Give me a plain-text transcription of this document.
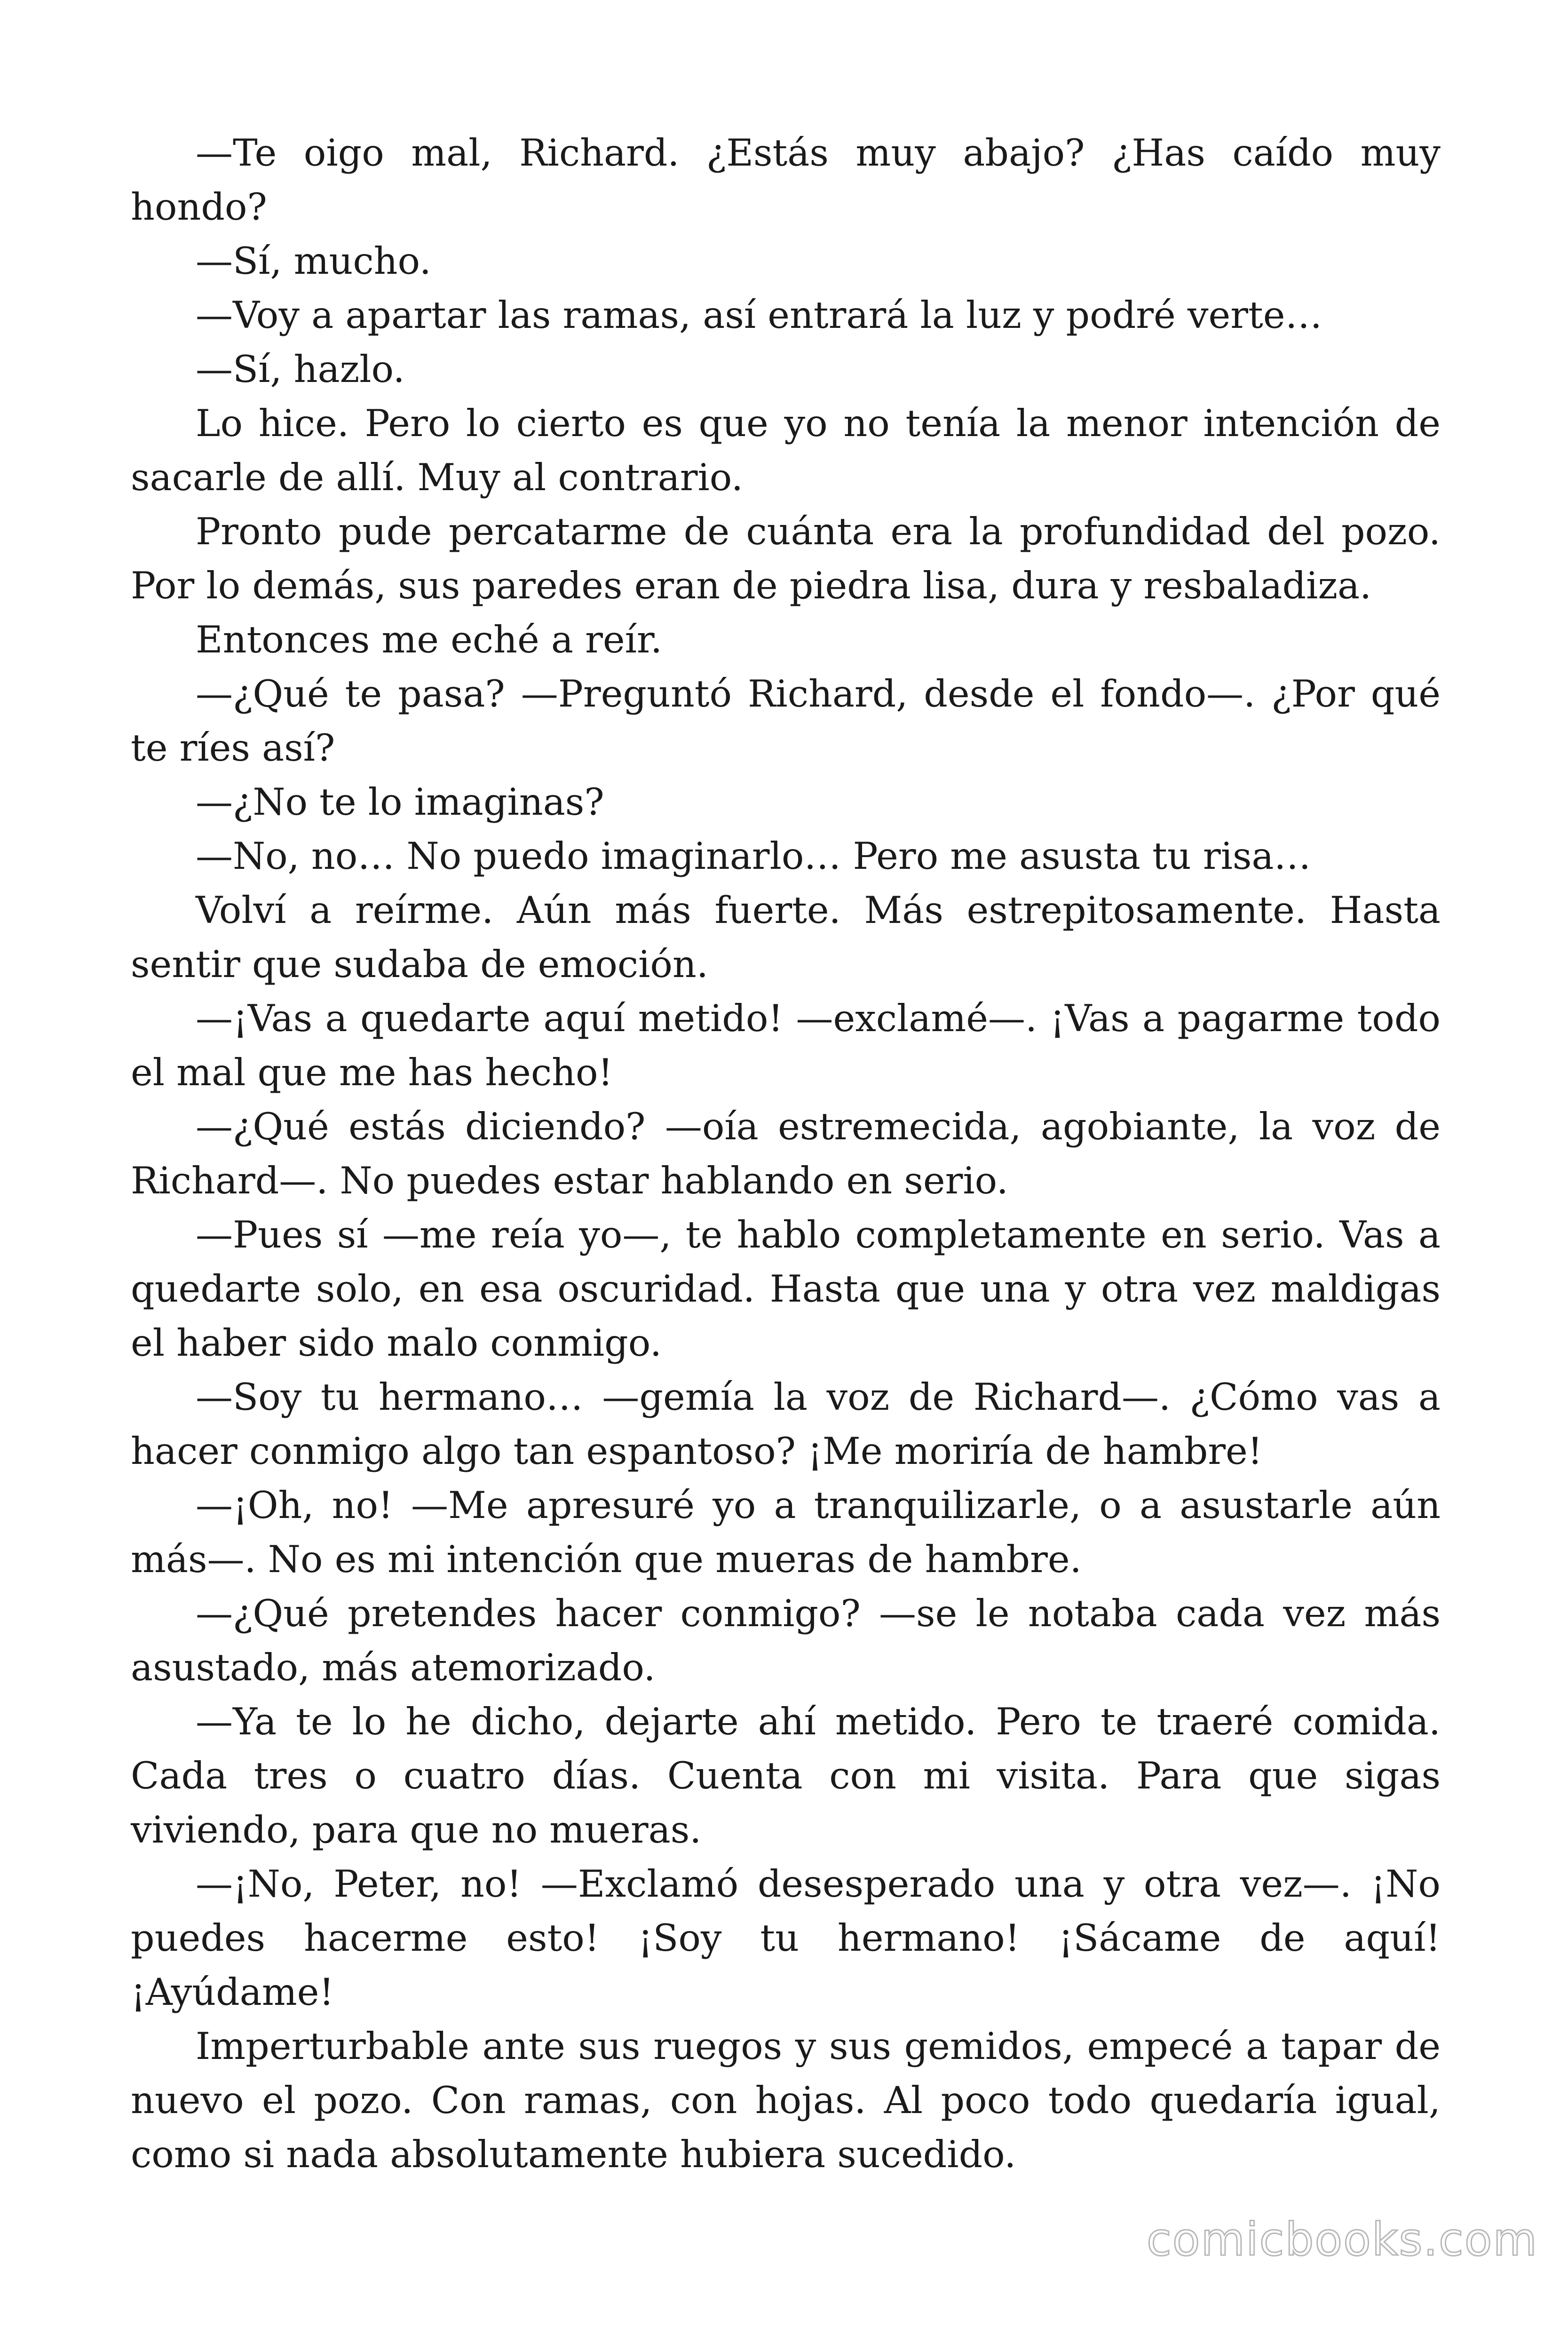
—Te oigo mal, Richard. ¿Estás muy abajo? ¿Has caído muy hondo?

—Sí, mucho.

—Voy a apartar las ramas, así entrará la luz y podré verte…

—Sí, hazlo.

Lo hice. Pero lo cierto es que yo no tenía la menor intención de sacarle de allí. Muy al contrario.

Pronto pude percatarme de cuánta era la profundidad del pozo. Por lo demás, sus paredes eran de piedra lisa, dura y resbaladiza.

Entonces me eché a reír.

—¿Qué te pasa? —Preguntó Richard, desde el fondo—. ¿Por qué te ríes así?

—¿No te lo imaginas?

—No, no… No puedo imaginarlo… Pero me asusta tu risa…

Volví a reírme. Aún más fuerte. Más estrepitosamente. Hasta sentir que sudaba de emoción.

—¡Vas a quedarte aquí metido! —exclamé—. ¡Vas a pagarme todo el mal que me has hecho!

—¿Qué estás diciendo? —oía estremecida, agobiante, la voz de Richard—. No puedes estar hablando en serio.

—Pues sí —me reía yo—, te hablo completamente en serio. Vas a quedarte solo, en esa oscuridad. Hasta que una y otra vez maldigas el haber sido malo conmigo.

—Soy tu hermano… —gemía la voz de Richard—. ¿Cómo vas a hacer conmigo algo tan espantoso? ¡Me moriría de hambre!

—¡Oh, no! —Me apresuré yo a tranquilizarle, o a asustarle aún más—. No es mi intención que mueras de hambre.

—¿Qué pretendes hacer conmigo? —se le notaba cada vez más asustado, más atemorizado.

—Ya te lo he dicho, dejarte ahí metido. Pero te traeré comida. Cada tres o cuatro días. Cuenta con mi visita. Para que sigas viviendo, para que no mueras.

—¡No, Peter, no! —Exclamó desesperado una y otra vez—. ¡No puedes hacerme esto! ¡Soy tu hermano! ¡Sácame de aquí! ¡Ayúdame!

Imperturbable ante sus ruegos y sus gemidos, empecé a tapar de nuevo el pozo. Con ramas, con hojas. Al poco todo quedaría igual, como si nada absolutamente hubiera sucedido.

comicbooks.com
